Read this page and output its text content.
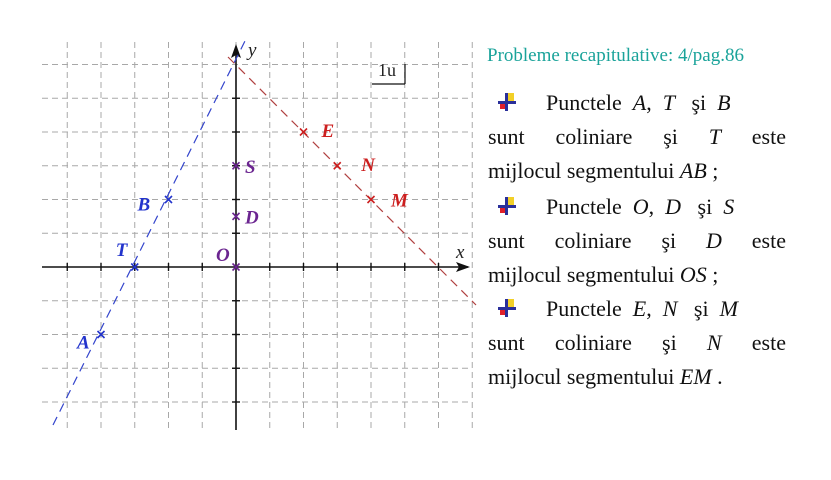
x
y
1u
A
T
B
O
D
S
E
N
M
Probleme recapitulative: 4/pag.86
Punctele A, T şi B
sunt coliniare şi T este
mijlocul segmentului AB ;
Punctele O, D şi S
sunt coliniare şi D este
mijlocul segmentului OS ;
Punctele E, N şi M
sunt coliniare şi N este
mijlocul segmentului EM .
